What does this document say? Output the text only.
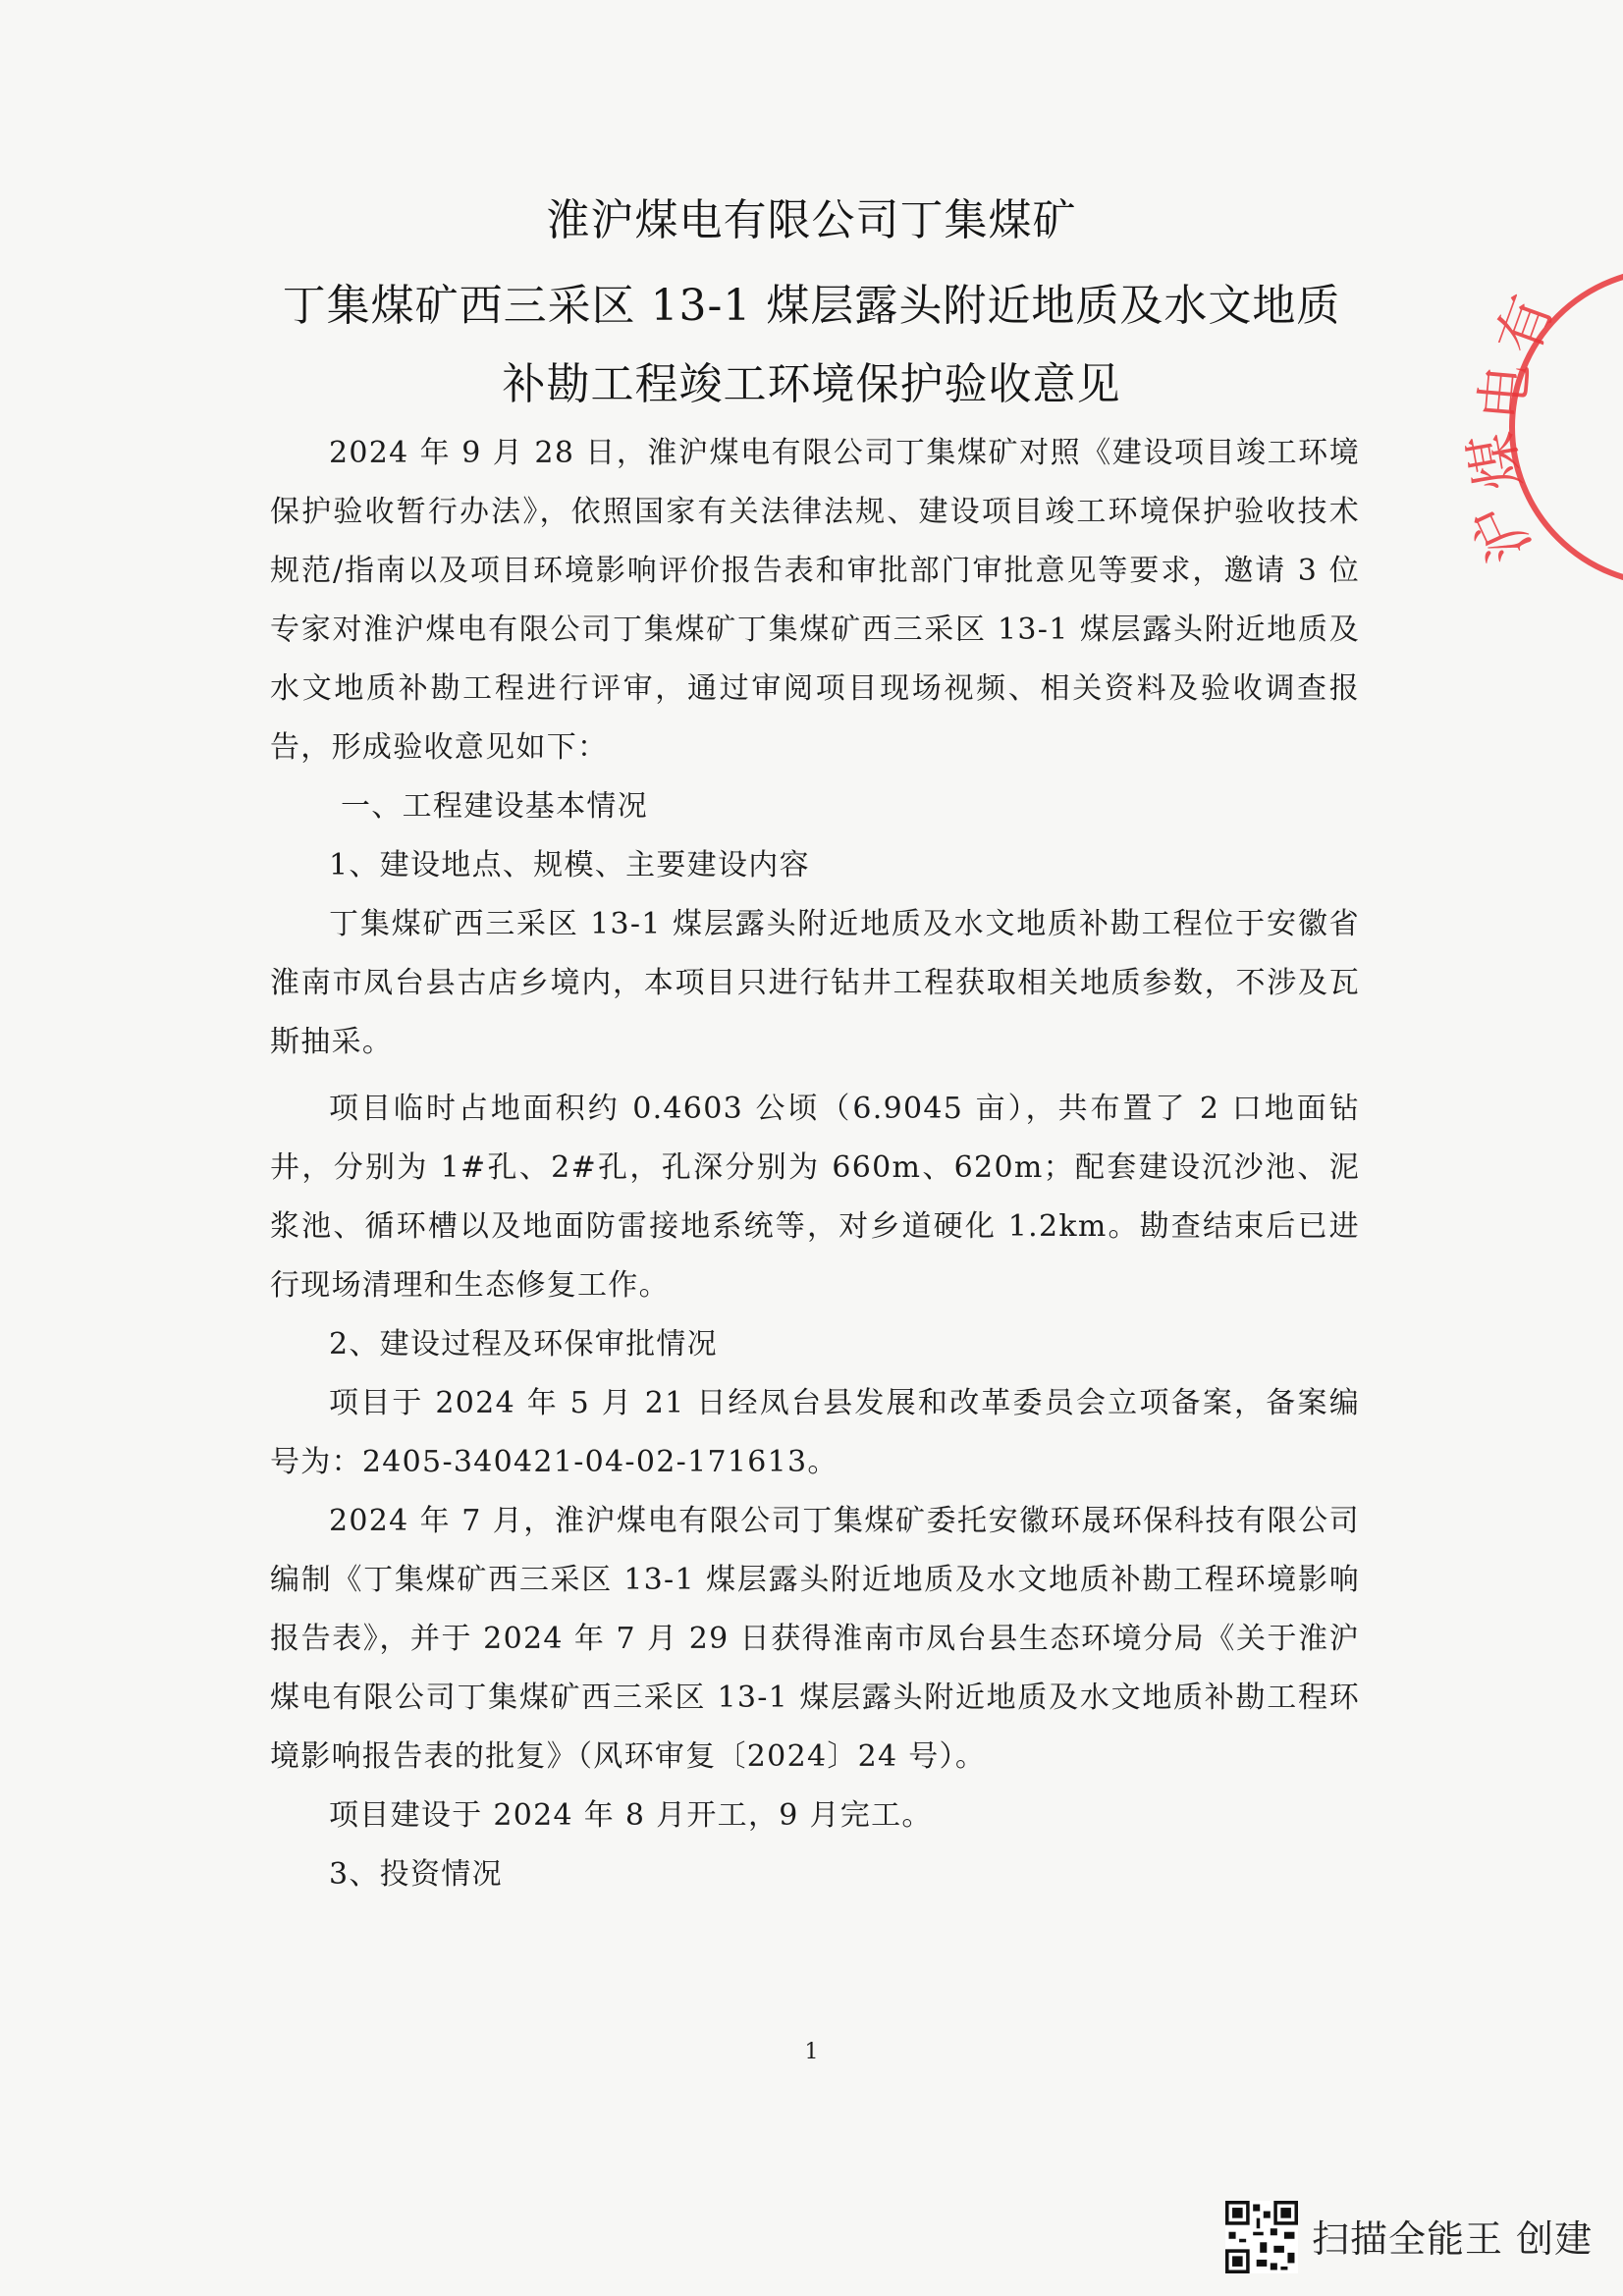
淮沪煤电有限公司丁集煤矿
丁集煤矿西三采区 13-1 煤层露头附近地质及水文地质
补勘工程竣工环境保护验收意见

2024 年 9 月 28 日，淮沪煤电有限公司丁集煤矿对照《建设项目竣工环境保护验收暂行办法》，依照国家有关法律法规、建设项目竣工环境保护验收技术规范/指南以及项目环境影响评价报告表和审批部门审批意见等要求，邀请 3 位专家对淮沪煤电有限公司丁集煤矿丁集煤矿西三采区 13-1 煤层露头附近地质及水文地质补勘工程进行评审，通过审阅项目现场视频、相关资料及验收调查报告，形成验收意见如下：

一、工程建设基本情况

1、建设地点、规模、主要建设内容

丁集煤矿西三采区 13-1 煤层露头附近地质及水文地质补勘工程位于安徽省淮南市凤台县古店乡境内，本项目只进行钻井工程获取相关地质参数，不涉及瓦斯抽采。

项目临时占地面积约 0.4603 公顷（6.9045 亩），共布置了 2 口地面钻井，分别为 1#孔、2#孔，孔深分别为 660m、620m；配套建设沉沙池、泥浆池、循环槽以及地面防雷接地系统等，对乡道硬化 1.2km。勘查结束后已进行现场清理和生态修复工作。

2、建设过程及环保审批情况

项目于 2024 年 5 月 21 日经凤台县发展和改革委员会立项备案，备案编号为：2405-340421-04-02-171613。

2024 年 7 月，淮沪煤电有限公司丁集煤矿委托安徽环晟环保科技有限公司编制《丁集煤矿西三采区 13-1 煤层露头附近地质及水文地质补勘工程环境影响报告表》，并于 2024 年 7 月 29 日获得淮南市凤台县生态环境分局《关于淮沪煤电有限公司丁集煤矿西三采区 13-1 煤层露头附近地质及水文地质补勘工程环境影响报告表的批复》（风环审复〔2024〕24 号）。

项目建设于 2024 年 8 月开工，9 月完工。

3、投资情况

有
电
煤
沪
1
扫描全能王 创建
